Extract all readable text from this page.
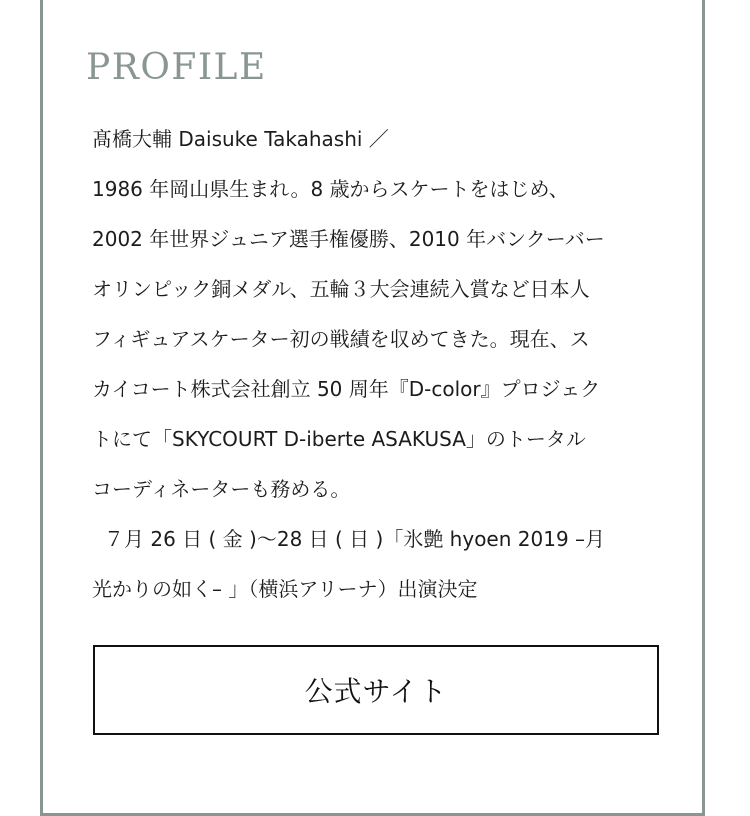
PROFILE

髙橋大輔 Daisuke Takahashi ／

1986 年岡山県生まれ。8 歳からスケートをはじめ、

2002 年世界ジュニア選手権優勝、2010 年バンクーバー

オリンピック銅メダル、五輪３大会連続入賞など日本人

フィギュアスケーター初の戦績を収めてきた。現在、ス

カイコート株式会社創立 50 周年『D-color』プロジェク

トにて「SKYCOURT D-iberte ASAKUSA」のトータル

コーディネーターも務める。

７月 26 日 ( 金 )〜28 日 ( 日 )「氷艶 hyoen 2019 –月

光かりの如く– 」（横浜アリーナ）出演決定

公式サイト
